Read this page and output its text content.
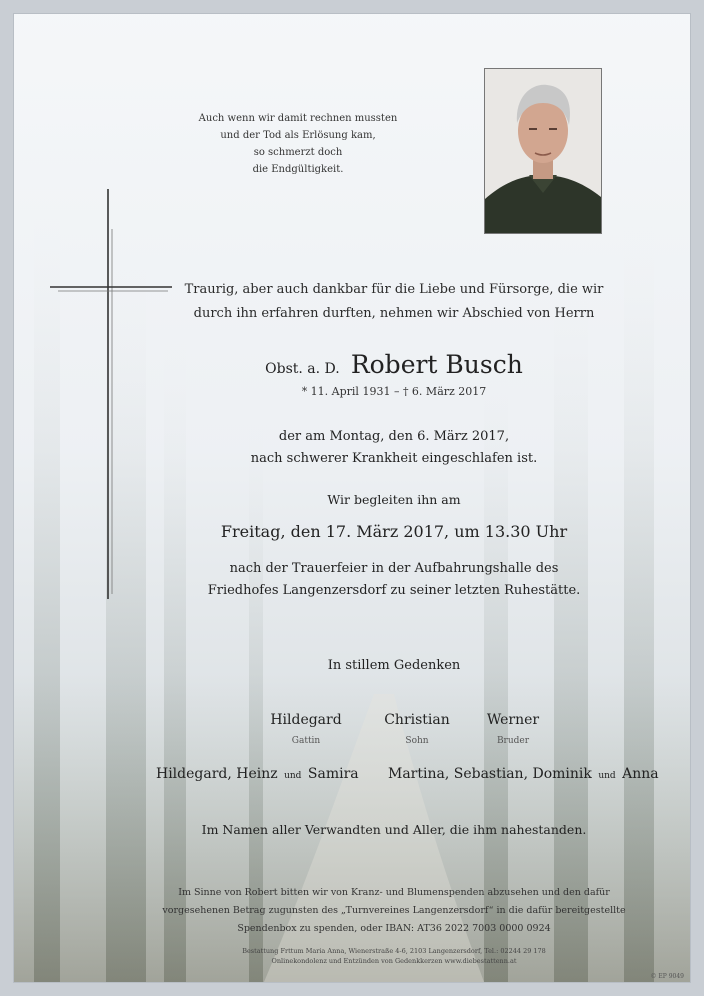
Auch wenn wir damit rechnen mussten
und der Tod als Erlösung kam,
so schmerzt doch
die Endgültigkeit.
Traurig, aber auch dankbar für die Liebe und Fürsorge, die wir
durch ihn erfahren durften, nehmen wir Abschied von Herrn
Obst. a. D. Robert Busch
* 11. April 1931 – † 6. März 2017
der am Montag, den 6. März 2017,
nach schwerer Krankheit eingeschlafen ist.
Wir begleiten ihn am
Freitag, den 17. März 2017, um 13.30 Uhr
nach der Trauerfeier in der Aufbahrungshalle des
Friedhofes Langenzersdorf zu seiner letzten Ruhestätte.
In stillem Gedenken
Hildegard
Gattin
Christian
Sohn
Werner
Bruder
Hildegard, Heinz und Samira Martina, Sebastian, Dominik und Anna
Im Namen aller Verwandten und Aller, die ihm nahestanden.
Im Sinne von Robert bitten wir von Kranz- und Blumenspenden abzusehen und den dafür
vorgesehenen Betrag zugunsten des „Turnvereines Langenzersdorf“ in die dafür bereitgestellte
Spendenbox zu spenden, oder IBAN: AT36 2022 7003 0000 0924
Bestattung Frttum Maria Anna, Wienerstraße 4-6, 2103 Langenzersdorf, Tel.: 02244 29 178
Onlinekondolenz und Entzünden von Gedenkkerzen www.diebestattenn.at
© EP 9049
